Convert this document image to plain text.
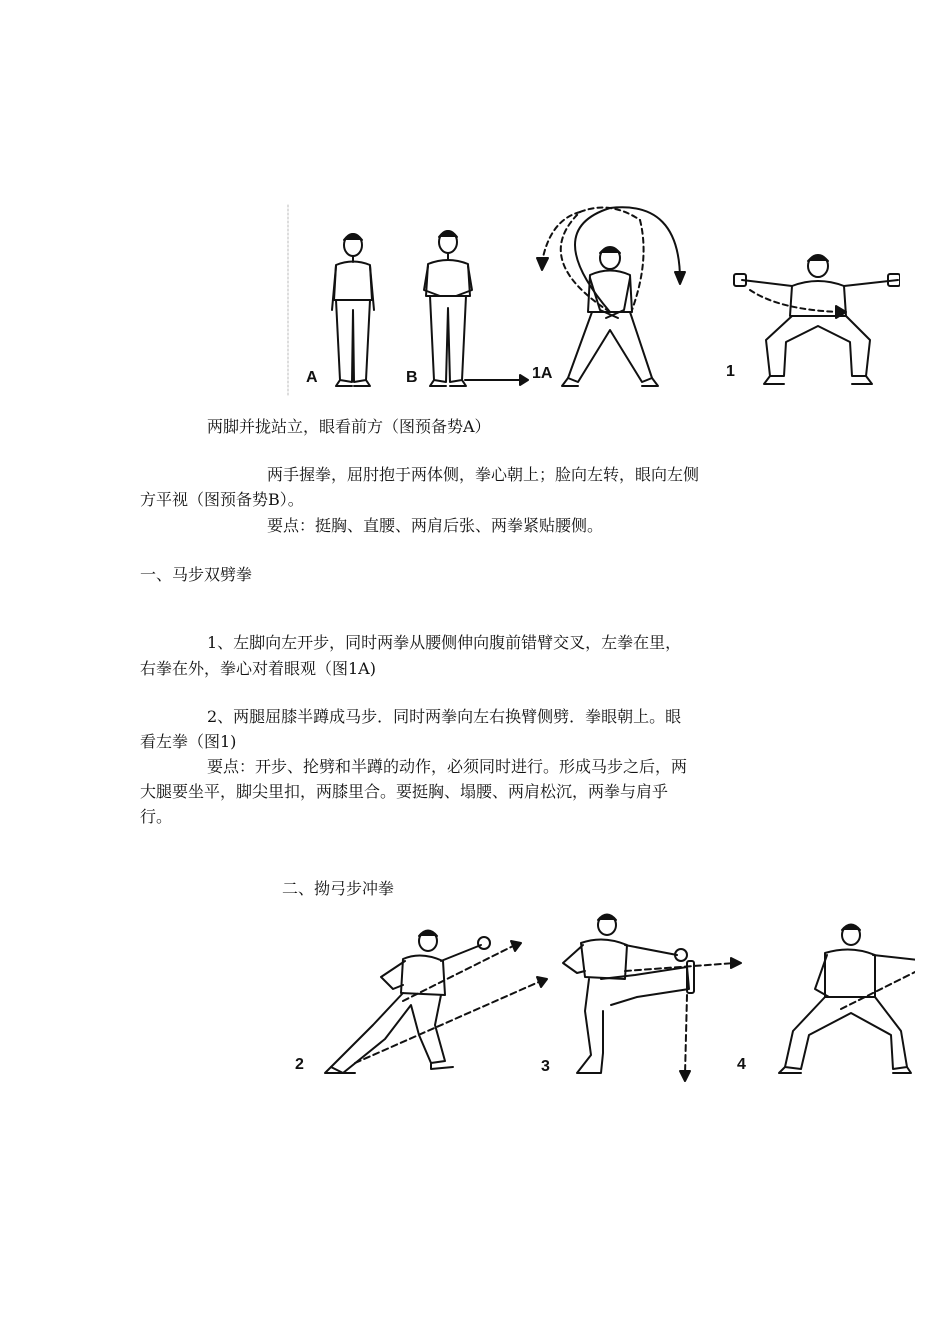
A	B	1A	1
两脚并拢站立，眼看前方（图预备势A）
两手握拳，屈肘抱于两体侧，拳心朝上；脸向左转，眼向左侧
方平视（图预备势B）。
要点：挺胸、直腰、两肩后张、两拳紧贴腰侧。
一、马步双劈拳
1、左脚向左开步，同时两拳从腰侧伸向腹前错臂交叉，左拳在里，
右拳在外，拳心对着眼观（图1A)
2、两腿屈膝半蹲成马步．同时两拳向左右换臂侧劈．拳眼朝上。眼
看左拳（图1)
要点：开步、抡劈和半蹲的动作，必须同时进行。形成马步之后，两
大腿要坐平，脚尖里扣，两膝里合。要挺胸、塌腰、两肩松沉，两拳与肩乎
行。
二、拗弓步冲拳
2	3	4
